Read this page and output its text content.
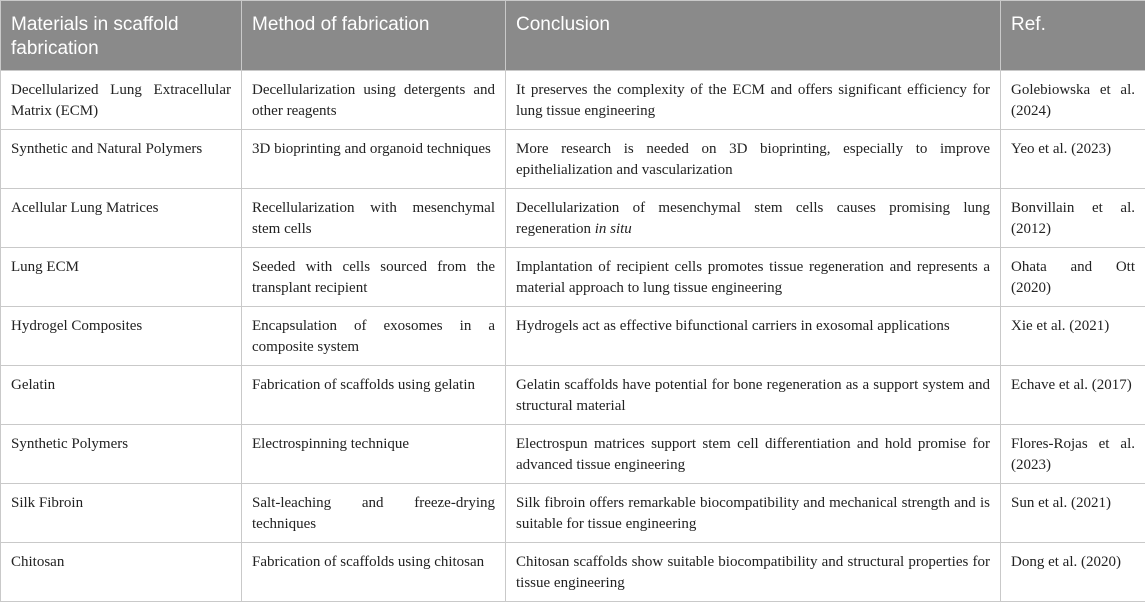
Materials in scaffold fabrication	Method of fabrication	Conclusion	Ref.
Decellularized Lung Extracellular Matrix (ECM)	Decellularization using detergents and other reagents	It preserves the complexity of the ECM and offers significant efficiency for lung tissue engineering	Golebiowska et al. (2024)
Synthetic and Natural Polymers	3D bioprinting and organoid techniques	More research is needed on 3D bioprinting, especially to improve epithelialization and vascularization	Yeo et al. (2023)
Acellular Lung Matrices	Recellularization with mesenchymal stem cells	Decellularization of mesenchymal stem cells causes promising lung regeneration in situ	Bonvillain et al. (2012)
Lung ECM	Seeded with cells sourced from the transplant recipient	Implantation of recipient cells promotes tissue regeneration and represents a material approach to lung tissue engineering	Ohata and Ott (2020)
Hydrogel Composites	Encapsulation of exosomes in a composite system	Hydrogels act as effective bifunctional carriers in exosomal applications	Xie et al. (2021)
Gelatin	Fabrication of scaffolds using gelatin	Gelatin scaffolds have potential for bone regeneration as a support system and structural material	Echave et al. (2017)
Synthetic Polymers	Electrospinning technique	Electrospun matrices support stem cell differentiation and hold promise for advanced tissue engineering	Flores-Rojas et al. (2023)
Silk Fibroin	Salt-leaching and freeze-drying techniques	Silk fibroin offers remarkable biocompatibility and mechanical strength and is suitable for tissue engineering	Sun et al. (2021)
Chitosan	Fabrication of scaffolds using chitosan	Chitosan scaffolds show suitable biocompatibility and structural properties for tissue engineering	Dong et al. (2020)
